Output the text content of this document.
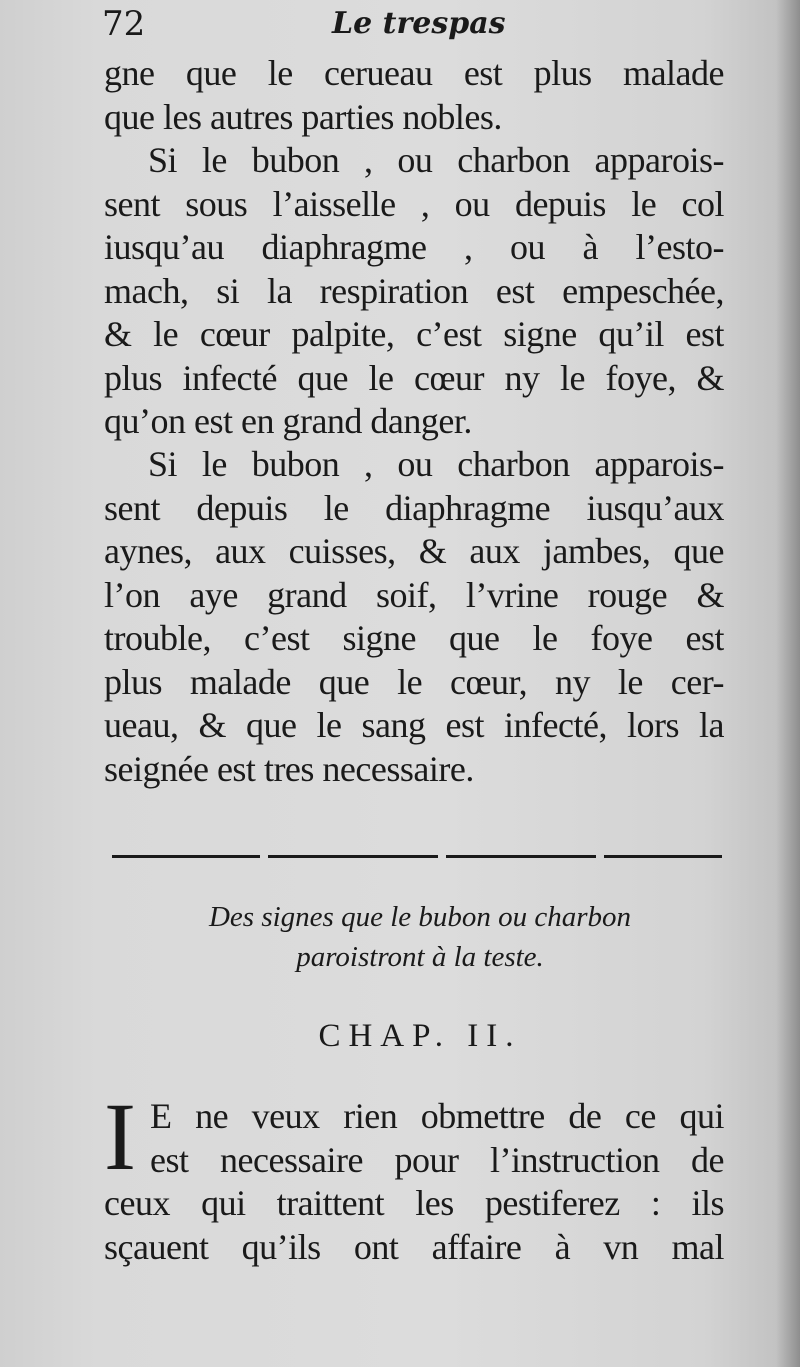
72	Le trespas
gne que le cerueau est plus malade
que les autres parties nobles.
Si le bubon , ou charbon apparois-
sent sous l’aisselle , ou depuis le col
iusqu’au diaphragme , ou à l’esto-
mach, si la respiration est empeschée,
& le cœur palpite, c’est signe qu’il est
plus infecté que le cœur ny le foye, &
qu’on est en grand danger.
Si le bubon , ou charbon apparois-
sent depuis le diaphragme iusqu’aux
aynes, aux cuisses, & aux jambes, que
l’on aye grand soif, l’vrine rouge &
trouble, c’est signe que le foye est
plus malade que le cœur, ny le cer-
ueau, & que le sang est infecté, lors la
seignée est tres necessaire.
Des signes que le bubon ou charbon
paroistront à la teste.
CHAP. II.
I E ne veux rien obmettre de ce qui
est necessaire pour l’instruction de
ceux qui traittent les pestiferez : ils
sçauent qu’ils ont affaire à vn mal
